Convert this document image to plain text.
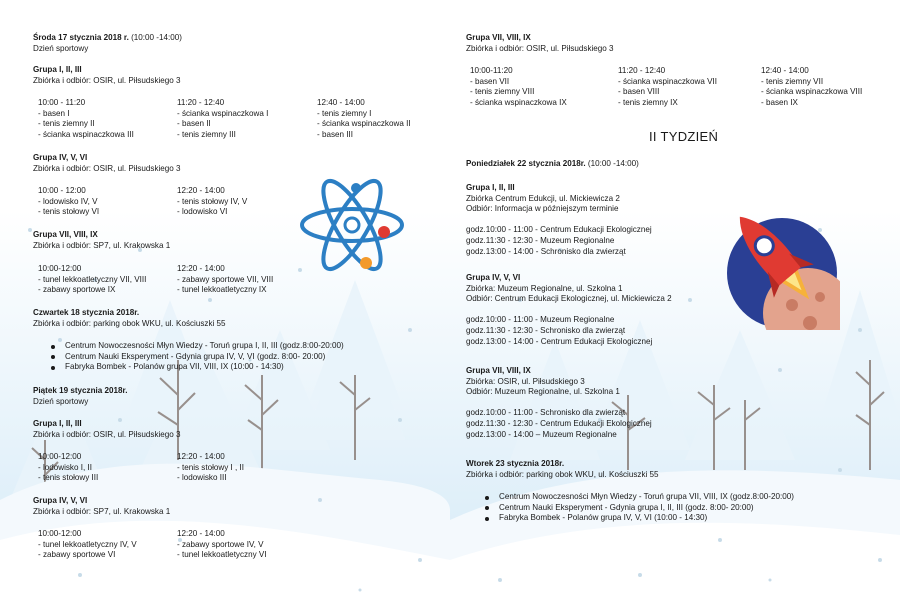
Środa 17 stycznia 2018 r. (10:00 -14:00)
Dzień sportowy
Grupa I, II, III
Zbiórka i odbiór: OSIR, ul. Piłsudskiego 3
10:00 - 11:20
- basen I
- tenis ziemny II
- ścianka wspinaczkowa III
11:20 - 12:40
- ścianka wspinaczkowa I
- basen II
- tenis ziemny III
12:40 - 14:00
- tenis ziemny I
- ścianka wspinaczkowa II
- basen III
Grupa IV, V, VI
Zbiórka i odbiór: OSIR, ul. Piłsudskiego 3
10:00 - 12:00
- lodowisko IV, V
- tenis stołowy VI
12:20 - 14:00
- tenis stołowy IV, V
- lodowisko VI
Grupa VII, VIII, IX
Zbiórka i odbiór: SP7, ul. Krakowska 1
10:00-12:00
- tunel lekkoatletyczny VII, VIII
- zabawy sportowe IX
12:20 - 14:00
- zabawy sportowe VII, VIII
- tunel lekkoatletyczny IX
Czwartek 18 stycznia 2018r.
Zbiórka i odbiór: parking obok WKU, ul. Kościuszki 55
Centrum Nowoczesności Młyn Wiedzy - Toruń grupa I, II, III (godz.8:00-20:00)
Centrum Nauki Eksperyment - Gdynia grupa IV, V, VI (godz. 8:00- 20:00)
Fabryka Bombek - Polanów grupa VII, VIII, IX (10:00 - 14:30)
Piątek 19 stycznia 2018r.
Dzień sportowy
Grupa I, II, III
Zbiórka i odbiór: OSIR, ul. Piłsudskiego 3
10:00-12:00
- lodowisko I, II
- tenis stołowy III
12:20 - 14:00
- tenis stołowy I , II
- lodowisko III
Grupa IV, V, VI
Zbiórka i odbiór: SP7, ul. Krakowska 1
10:00-12:00
- tunel lekkoatletyczny IV, V
- zabawy sportowe VI
12:20 - 14:00
- zabawy sportowe IV, V
- tunel lekkoatletyczny VI
Grupa VII, VIII, IX
Zbiórka i odbiór: OSIR, ul. Piłsudskiego 3
10:00-11:20
- basen VII
- tenis ziemny VIII
- ścianka wspinaczkowa IX
11:20 - 12:40
- ścianka wspinaczkowa VII
- basen VIII
- tenis ziemny IX
12:40 - 14:00
- tenis ziemny VII
- ścianka wspinaczkowa VIII
- basen IX
II TYDZIEŃ
Poniedziałek 22 stycznia 2018r. (10:00 -14:00)
Grupa I, II, III
Zbiórka Centrum Edukcji, ul. Mickiewicza 2
Odbiór: Informacja w późniejszym terminie
godz.10:00 - 11:00 - Centrum Edukacji Ekologicznej
godz.11:30 - 12:30 - Muzeum Regionalne
godz.13:00 - 14:00 - Schronisko dla zwierząt
Grupa IV, V, VI
Zbiórka: Muzeum Regionalne, ul. Szkolna 1
Odbiór: Centrum Edukacji Ekologicznej, ul. Mickiewicza 2
godz.10:00 - 11:00 - Muzeum Regionalne
godz.11:30 - 12:30 - Schronisko dla zwierząt
godz.13:00 - 14:00 - Centrum Edukacji Ekologicznej
Grupa VII, VIII, IX
Zbiórka: OSIR, ul. Piłsudskiego 3
Odbiór: Muzeum Regionalne, ul. Szkolna 1
godz.10:00 - 11:00 - Schronisko dla zwierząt
godz.11:30 - 12:30 - Centrum Edukacji Ekologicznej
godz.13:00 - 14:00 – Muzeum Regionalne
Wtorek 23 stycznia 2018r.
Zbiórka i odbiór: parking obok WKU, ul. Kościuszki 55
Centrum Nowoczesności Młyn Wiedzy - Toruń grupa VII, VIII, IX (godz.8:00-20:00)
Centrum Nauki Eksperyment - Gdynia grupa I, II, III (godz. 8:00- 20:00)
Fabryka Bombek - Polanów grupa IV, V, VI (10:00 - 14:30)
